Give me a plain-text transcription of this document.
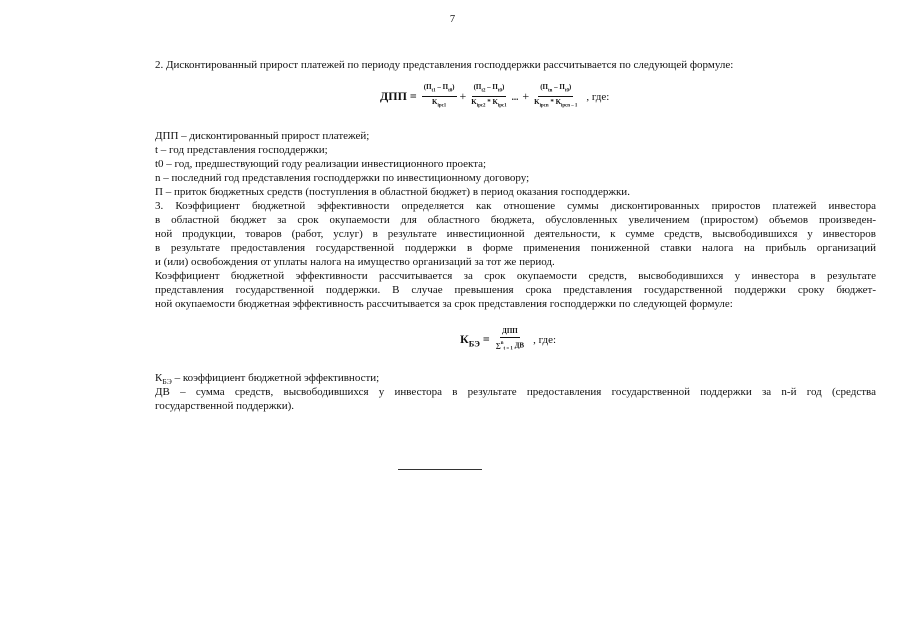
7
2. Дисконтированный прирост платежей по периоду представления господдержки рассчитывается по следующей формуле:
ДПП = $\frac{(П_{t1} - П_{t0})}{K_{ipc1}} + \frac{(П_{t2} - П_{t0})}{K_{ipc2} * K_{ipc1}}$ ... + $\frac{(П_{tn} - П_{t0})}{K_{ipcn} * K_{ipcn - 1}}$ , где:
ДПП – дисконтированный прирост платежей;
t – год представления господдержки;
t0 – год, предшествующий году реализации инвестиционного проекта;
n – последний год представления господдержки по инвестиционному договору;
П – приток бюджетных средств (поступления в областной бюджет) в период оказания господдержки.
3. Коэффициент бюджетной эффективности определяется как отношение суммы дисконтированных приростов платежей инвестора
в областной бюджет за срок окупаемости для областного бюджета, обусловленных увеличением (приростом) объемов произведен-
ной продукции, товаров (работ, услуг) в результате инвестиционной деятельности, к сумме средств, высвободившихся у инвесторов
в результате предоставления государственной поддержки в форме применения пониженной ставки налога на прибыль организаций
и (или) освобождения от уплаты налога на имущество организаций за тот же период.
Коэффициент бюджетной эффективности рассчитывается за срок окупаемости средств, высвободившихся у инвестора в результате
представления государственной поддержки. В случае превышения срока представления государственной поддержки сроку бюджет-
ной окупаемости бюджетная эффективность рассчитывается за срок представления господдержки по следующей формуле:
$К_{БЭ} = \frac{\text{ДПП}}{\sum^n_{t = 1} ДВ}$ , где:
$К_{БЭ}$ – коэффициент бюджетной эффективности;
ДВ – сумма средств, высвободившихся у инвестора в результате предоставления государственной поддержки за n-й год (средства
государственной поддержки).
